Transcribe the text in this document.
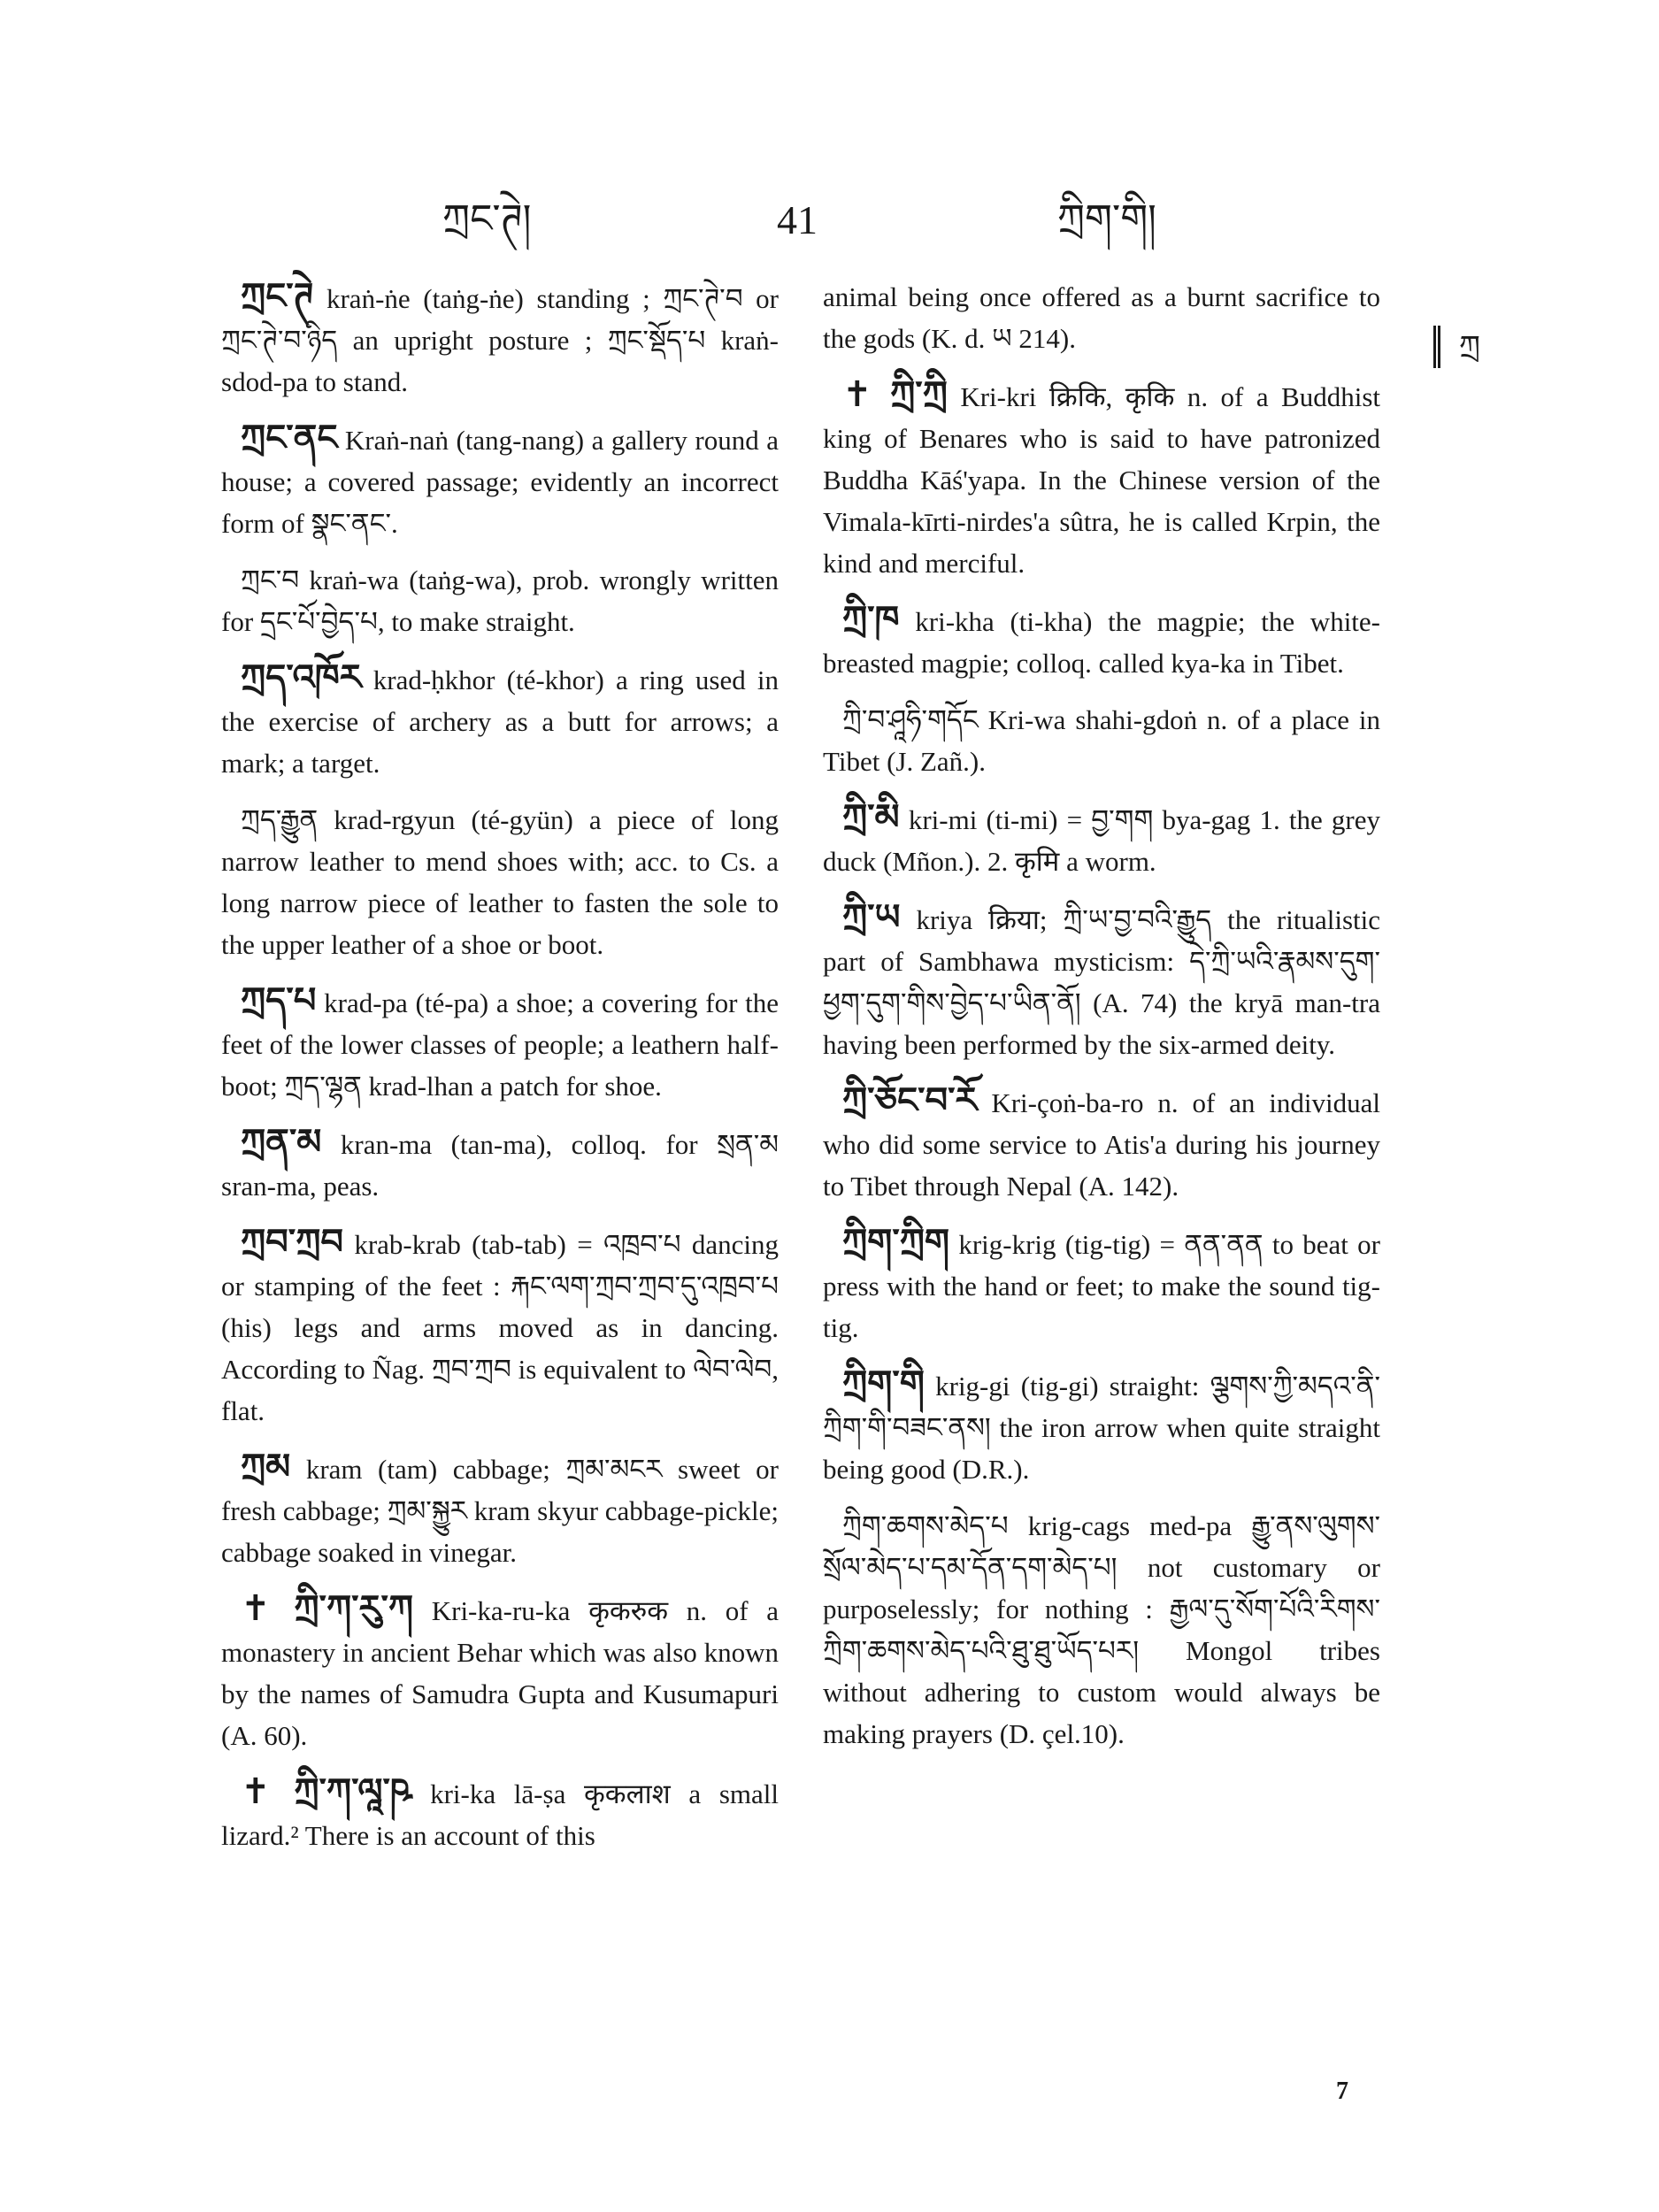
ཀྲང་ཊེ།	41	ཀྲིག་གི།
ཀྲ
ཀྲང་ཊེ kraṅ-ṅe (taṅg-ṅe) standing ; ཀྲང་ཊེ་བ or ཀྲང་ཊེ་བ་ཉིད an upright posture ; ཀྲང་སྡོད་པ kraṅ-sdod-pa to stand.
ཀྲང་ནང Kraṅ-naṅ (tang-nang) a gallery round a house; a covered passage; evidently an incorrect form of སྣང་ནང་.
ཀྲང་བ kraṅ-wa (taṅg-wa), prob. wrongly written for དྲང་པོ་བྱེད་པ, to make straight.
ཀྲད་འཁོར krad-ḥkhor (té-khor) a ring used in the exercise of archery as a butt for arrows; a mark; a target.
ཀྲད་རྒྱུན krad-rgyun (té-gyün) a piece of long narrow leather to mend shoes with; acc. to Cs. a long narrow piece of leather to fasten the sole to the upper leather of a shoe or boot.
ཀྲད་པ krad-pa (té-pa) a shoe; a covering for the feet of the lower classes of people; a leathern half-boot; ཀྲད་ལྷན krad-lhan a patch for shoe.
ཀྲན་མ kran-ma (tan-ma), colloq. for སྲན་མ sran-ma, peas.
ཀྲབ་ཀྲབ krab-krab (tab-tab) = འཁྲབ་པ dancing or stamping of the feet : རྐང་ལག་ཀྲབ་ཀྲབ་དུ་འཁྲབ་པ (his) legs and arms moved as in dancing. According to Ñag. ཀྲབ་ཀྲབ is equivalent to ལེབ་ལེབ, flat.
ཀྲམ kram (tam) cabbage; ཀྲམ་མངར sweet or fresh cabbage; ཀྲམ་སྐྱུར kram skyur cabbage-pickle; cabbage soaked in vinegar.
✝ ཀྲི་ཀ་རུ་ཀ Kri-ka-ru-ka कृकरुक n. of a monastery in ancient Behar which was also known by the names of Samudra Gupta and Kusumapuri (A. 60).
✝ ཀྲི་ཀ་ལཱ་ཥ kri-ka lā-ṣa कृकलाश a small lizard.² There is an account of this
animal being once offered as a burnt sacrifice to the gods (K. d. ཡ 214).
✝ ཀྲི་ཀྲི Kri-kri क्रिकि, कृकि n. of a Buddhist king of Benares who is said to have patronized Buddha Kāś'yapa. In the Chinese version of the Vimala-kīrti-nirdes'a sûtra, he is called Krpin, the kind and merciful.
ཀྲི་ཁ kri-kha (ti-kha) the magpie; the white-breasted magpie; colloq. called kya-ka in Tibet.
ཀྲི་བ་ཤཱཧི་གདོང Kri-wa shahi-gdoṅ n. of a place in Tibet (J. Zañ.).
ཀྲི་མི kri-mi (ti-mi) = བྱ་གག bya-gag 1. the grey duck (Mñon.). 2. कृमि a worm.
ཀྲི་ཡ kriya क्रिया; ཀྲི་ཡ་བྱ་བའི་རྒྱུད the ritualistic part of Sambhawa mysticism: དེ་ཀྲི་ཡའི་རྣམས་དུག་ཕྱག་དུག་གིས་བྱེད་པ་ཡིན་ནོ། (A. 74) the kryā man-tra having been performed by the six-armed deity.
ཀྲི་ཅོང་བ་རོ Kri-çoṅ-ba-ro n. of an individual who did some service to Atis'a during his journey to Tibet through Nepal (A. 142).
ཀྲིག་ཀྲིག krig-krig (tig-tig) = ནན་ནན to beat or press with the hand or feet; to make the sound tig-tig.
ཀྲིག་གི krig-gi (tig-gi) straight: ལྕགས་ཀྱི་མདའ་ནི་ཀྲིག་གི་བཟང་ནས། the iron arrow when quite straight being good (D.R.).
ཀྲིག་ཆགས་མེད་པ krig-cags med-pa རྒྱུ་ནས་ལུགས་སྲོལ་མེད་པ་དམ་དོན་དག་མེད་པ། not customary or purposelessly; for nothing : རྒྱལ་དུ་སོག་པོའི་རིགས་ཀྲིག་ཆགས་མེད་པའི་ཐུ་ཐུ་ཡོད་པར། Mongol tribes without adhering to custom would always be making prayers (D. çel.10).
7
